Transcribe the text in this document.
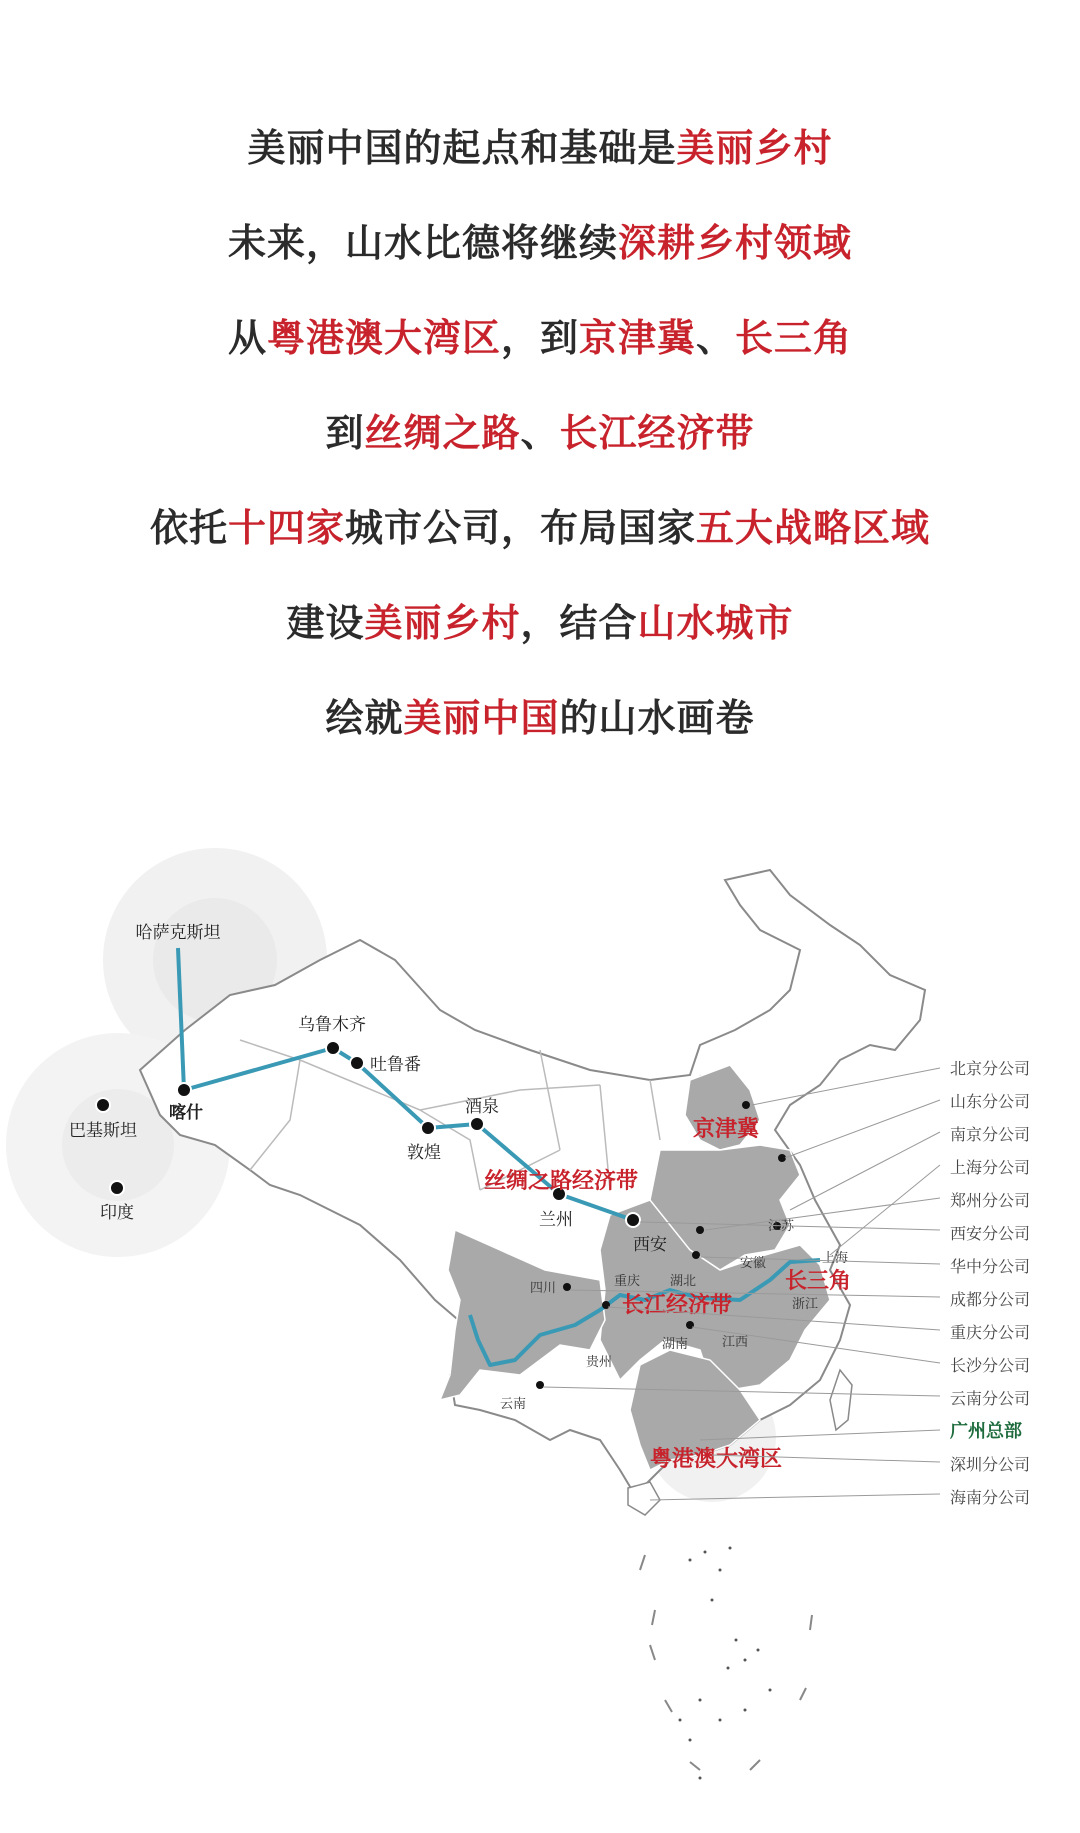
美丽中国的起点和基础是美丽乡村
未来，山水比德将继续深耕乡村领域
从粤港澳大湾区，到京津冀、长三角
到丝绸之路、长江经济带
依托十四家城市公司，布局国家五大战略区域
建设美丽乡村，结合山水城市
绘就美丽中国的山水画卷
哈萨克斯坦
喀什
巴基斯坦
印度
乌鲁木齐
吐鲁番
敦煌
酒泉
兰州
西安
京津冀
丝绸之路经济带
长江经济带
长三角
粤港澳大湾区
四川	重庆 湖北
安徽
江苏
上海
浙江
湖南	江西
贵州
云南
北京分公司
山东分公司
南京分公司
上海分公司
郑州分公司
西安分公司
华中分公司
成都分公司
重庆分公司
长沙分公司
云南分公司
广州总部
深圳分公司
海南分公司
